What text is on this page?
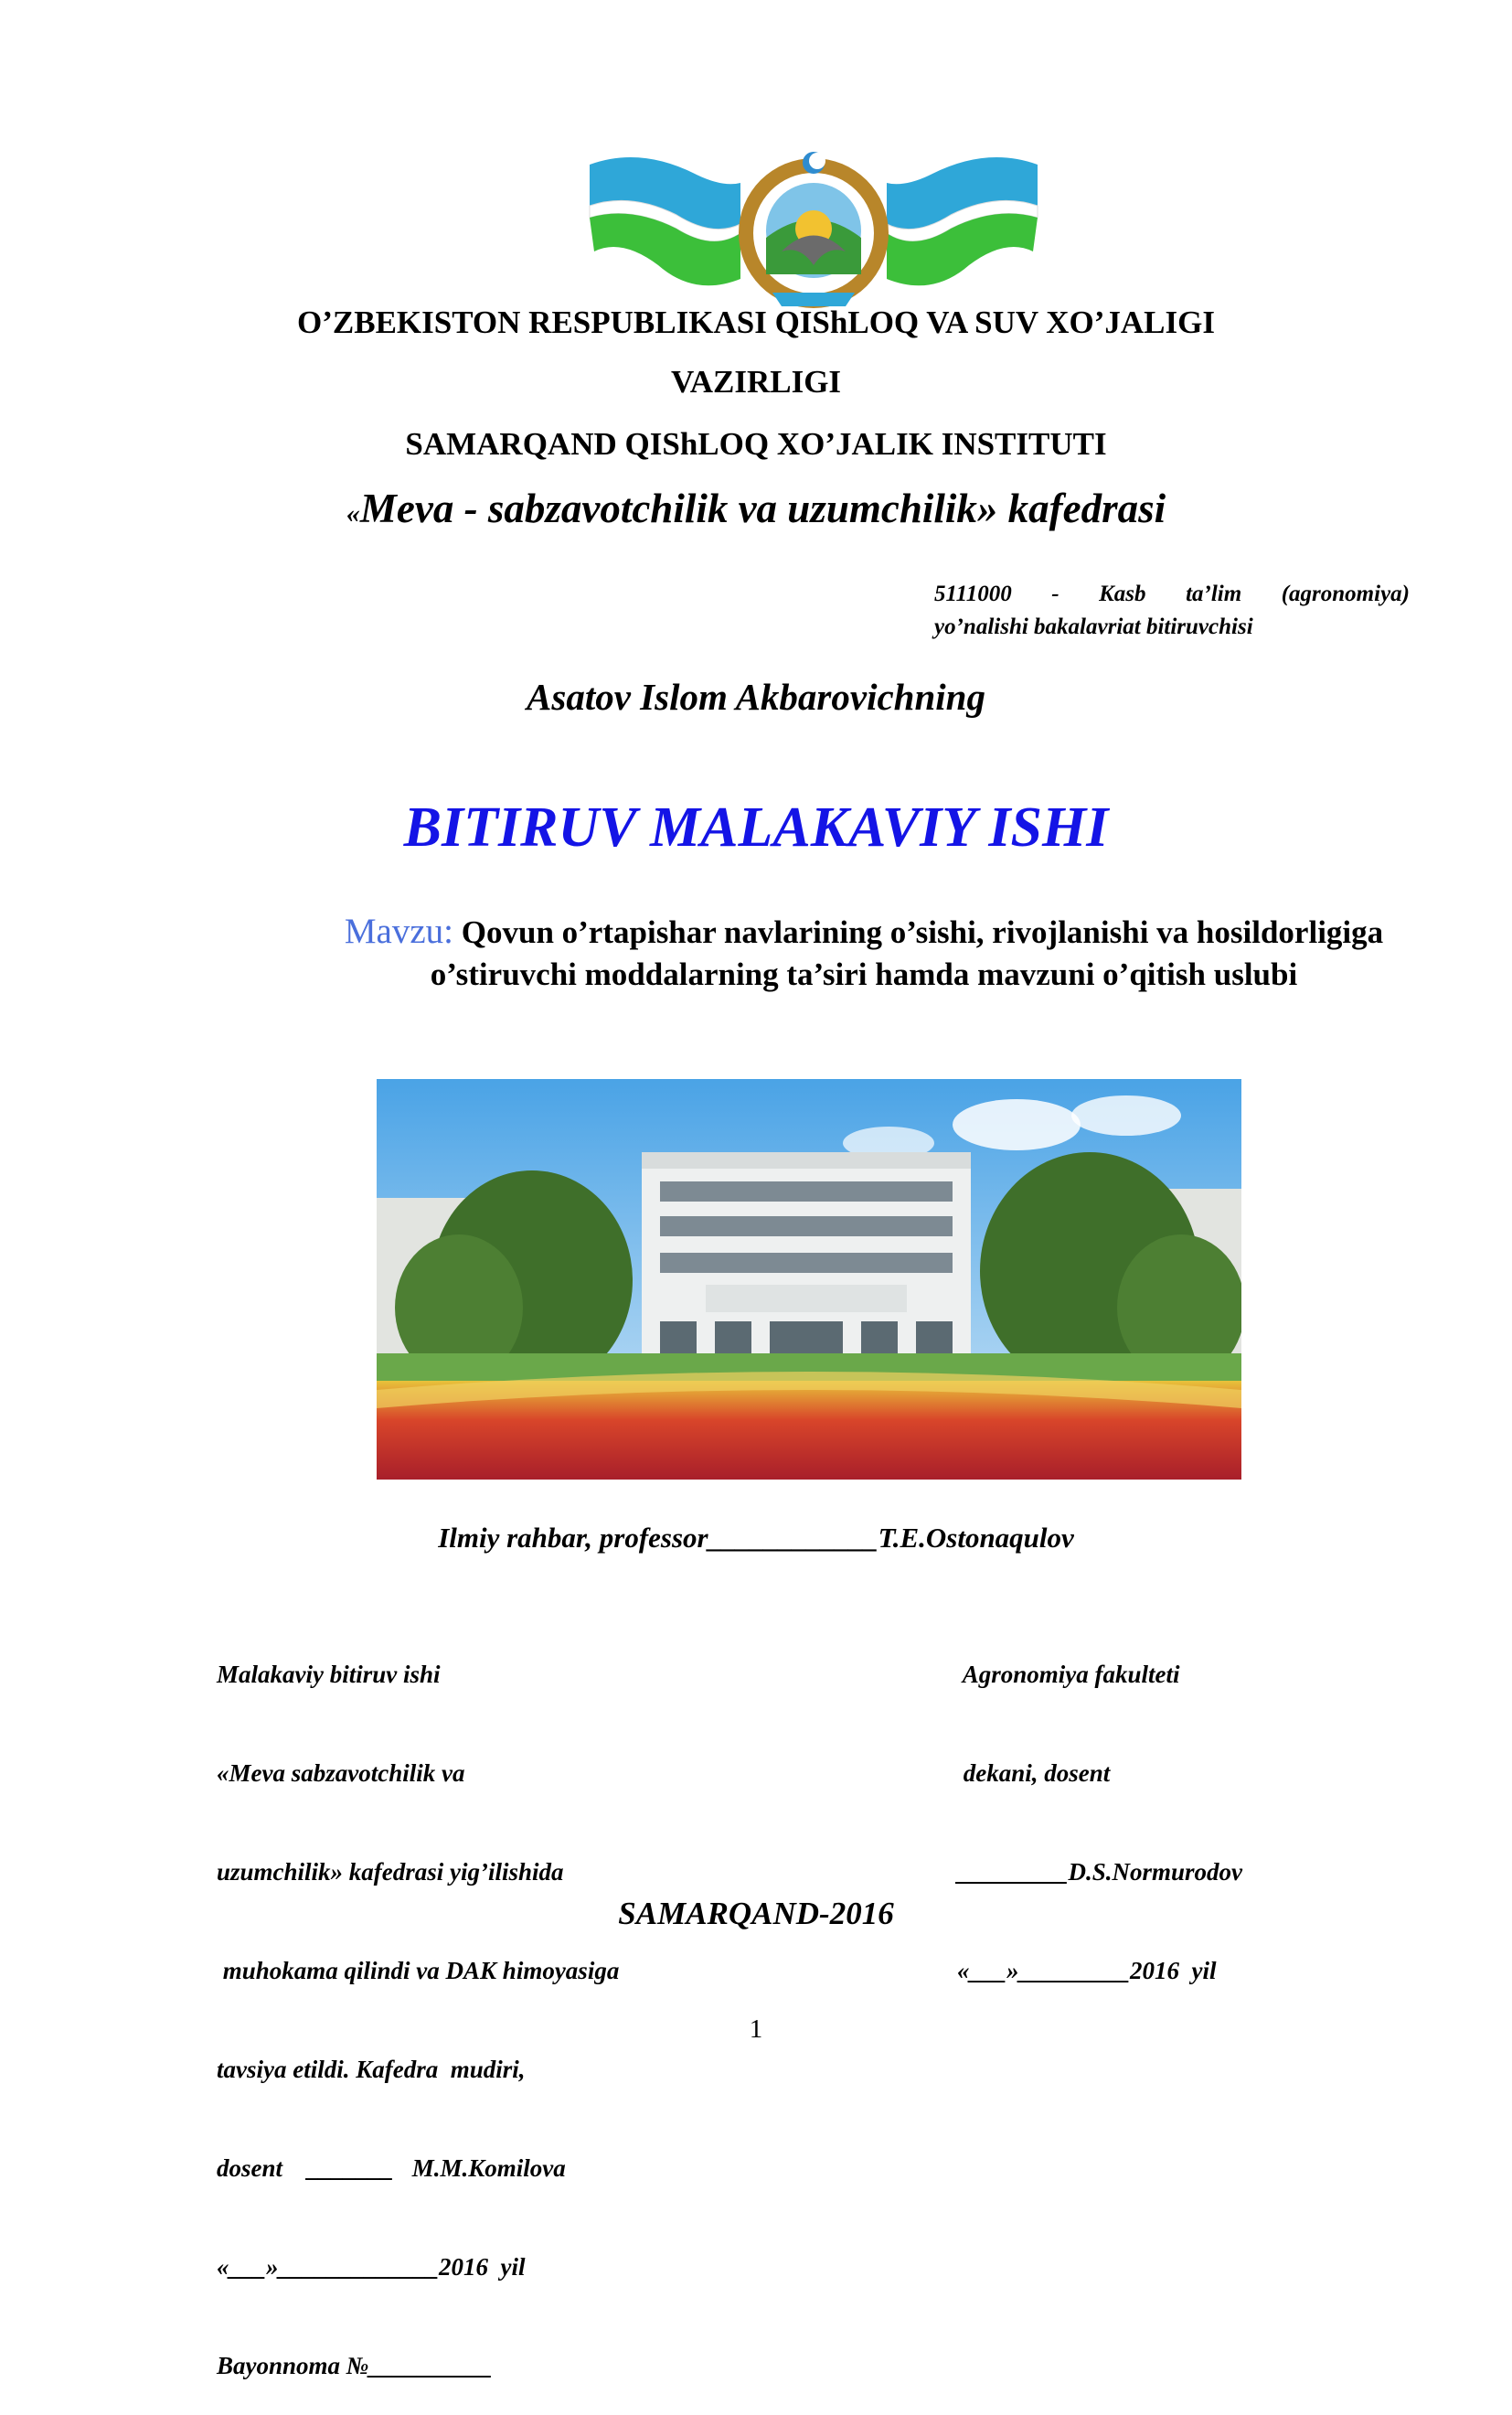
O’ZBEKISTON RESPUBLIKASI QIShLOQ VA SUV XO’JALIGI
VAZIRLIGI
SAMARQAND QIShLOQ XO’JALIK INSTITUTI
«Meva - sabzavotchilik va uzumchilik» kafedrasi
5111000 - Kasb ta’lim (agronomiya)
yo’nalishi bakalavriat bitiruvchisi
Asatov Islom Akbarovichning
BITIRUV MALAKAVIY ISHI
Mavzu: Qovun o’rtapishar navlarining o’sishi, rivojlanishi va hosildorligiga o’stiruvchi moddalarning ta’siri hamda mavzuni o’qitish uslubi
Ilmiy rahbar, professor____________T.E.Ostonaqulov

Malakaviy bitiruv ishi

«Meva sabzavotchilik va

uzumchilik» kafedrasi yig’ilishida

muhokama qilindi va DAK himoyasiga

tavsiya etildi. Kafedra  mudiri,

dosent    _______   M.M.Komilova

«___»_____________2016  yil

Bayonnoma №__________

Agronomiya fakulteti

dekani, dosent

_________D.S.Normurodov

«___»_________2016  yil

SAMARQAND-2016
1
